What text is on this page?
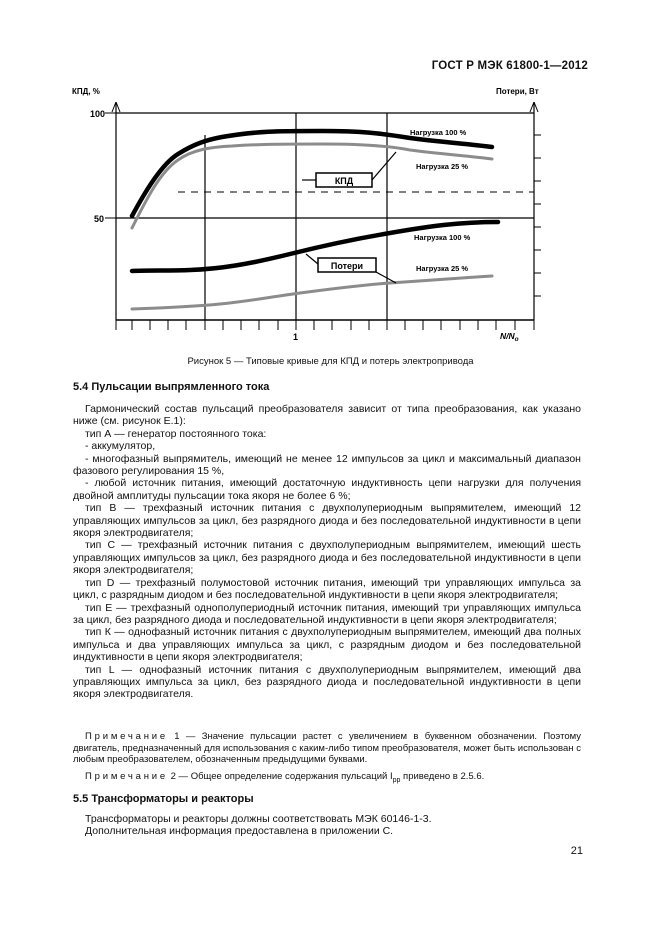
ГОСТ Р МЭК 61800-1—2012
КПД, %	Потери, Вт
100
50
1	$N/N_o$
КПД
Потери
Нагрузка 100 %
Нагрузка 25 %
Нагрузка 100 %
Нагрузка 25 %
Рисунок 5 — Типовые кривые для КПД и потерь электропривода
5.4 Пульсации выпрямленного тока

Гармонический состав пульсаций преобразователя зависит от типа преобразования, как указано ниже (см. рисунок Е.1):

тип А — генератор постоянного тока:

- аккумулятор,

- многофазный выпрямитель, имеющий не менее 12 импульсов за цикл и максимальный диапазон фазового регулирования 15 %,

- любой источник питания, имеющий достаточную индуктивность цепи нагрузки для получения двойной амплитуды пульсации тока якоря не более 6 %;

тип В — трехфазный источник питания с двухполупериодным выпрямителем, имеющий 12 управляющих импульсов за цикл, без разрядного диода и без последовательной индуктивности в цепи якоря электродвигателя;

тип С — трехфазный источник питания с двухполупериодным выпрямителем, имеющий шесть управляющих импульсов за цикл, без разрядного диода и без последовательной индуктивности в цепи якоря электродвигателя;

тип D — трехфазный полумостовой источник питания, имеющий три управляющих импульса за цикл, с разрядным диодом и без последовательной индуктивности в цепи якоря электродвигателя;

тип Е — трехфазный однополупериодный источник питания, имеющий три управляющих импульса за цикл, без разрядного диода и последовательной индуктивности в цепи якоря электродвигателя;

тип К — однофазный источник питания с двухполупериодным выпрямителем, имеющий два полных импульса и два управляющих импульса за цикл, с разрядным диодом и без последовательной индуктивности в цепи якоря электродвигателя;

тип L — однофазный источник питания с двухполупериодным выпрямителем, имеющий два управляющих импульса за цикл, без разрядного диода и последовательной индуктивности в цепи якоря электродвигателя.

Примечание 1 — Значение пульсации растет с увеличением в буквенном обозначении. Поэтому двигатель, предназначенный для использования с каким-либо типом преобразователя, может быть использован с любым преобразователем, обозначенным предыдущими буквами.
Примечание 2 — Общее определение содержания пульсаций $I_{pp}$ приведено в 2.5.6.
5.5 Трансформаторы и реакторы

Трансформаторы и реакторы должны соответствовать МЭК 60146-1-3.

Дополнительная информация предоставлена в приложении С.

21
